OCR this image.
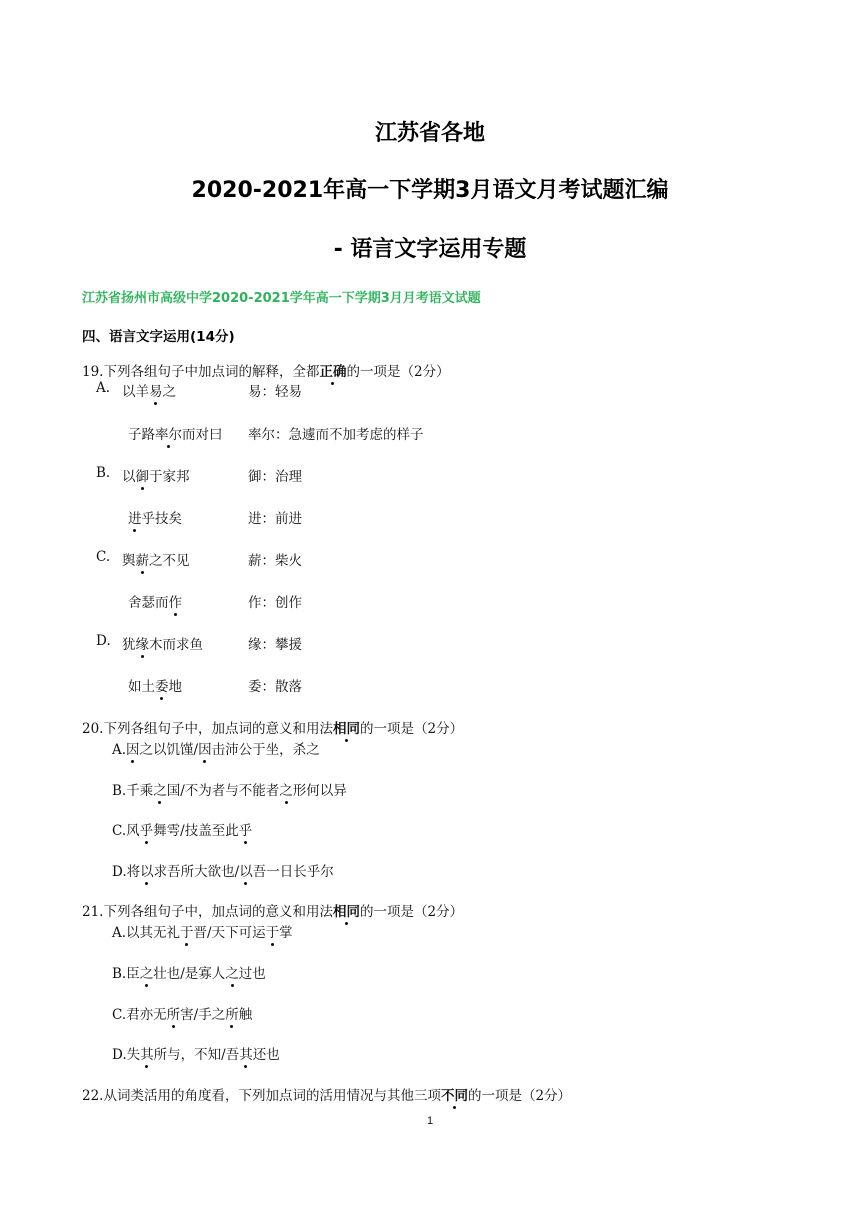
江苏省各地
2020-2021年高一下学期3月语文月考试题汇编
- 语言文字运用专题
江苏省扬州市高级中学2020-2021学年高一下学期3月月考语文试题
四、语言文字运用(14分)
19.下列各组句子中加点词的解释，全都正确的一项是（2分）
A. 以羊易之	易：轻易
子路率尔而对曰 率尔：急遽而不加考虑的样子
B. 以御于家邦	御：治理
进乎技矣	进：前进
C. 舆薪之不见	薪：柴火
舍瑟而作	作：创作
D. 犹缘木而求鱼	缘：攀援
如土委地	委：散落
20.下列各组句子中，加点词的意义和用法相同的一项是（2分）
A.因之以饥馑/因击沛公于坐，杀之
B.千乘之国/不为者与不能者之形何以异
C.风乎舞雩/技盖至此乎
D.将以求吾所大欲也/以吾一日长乎尔
21.下列各组句子中，加点词的意义和用法相同的一项是（2分）
A.以其无礼于晋/天下可运于掌
B.臣之壮也/是寡人之过也
C.君亦无所害/手之所触
D.失其所与，不知/吾其还也
22.从词类活用的角度看，下列加点词的活用情况与其他三项不同的一项是（2分）
1
